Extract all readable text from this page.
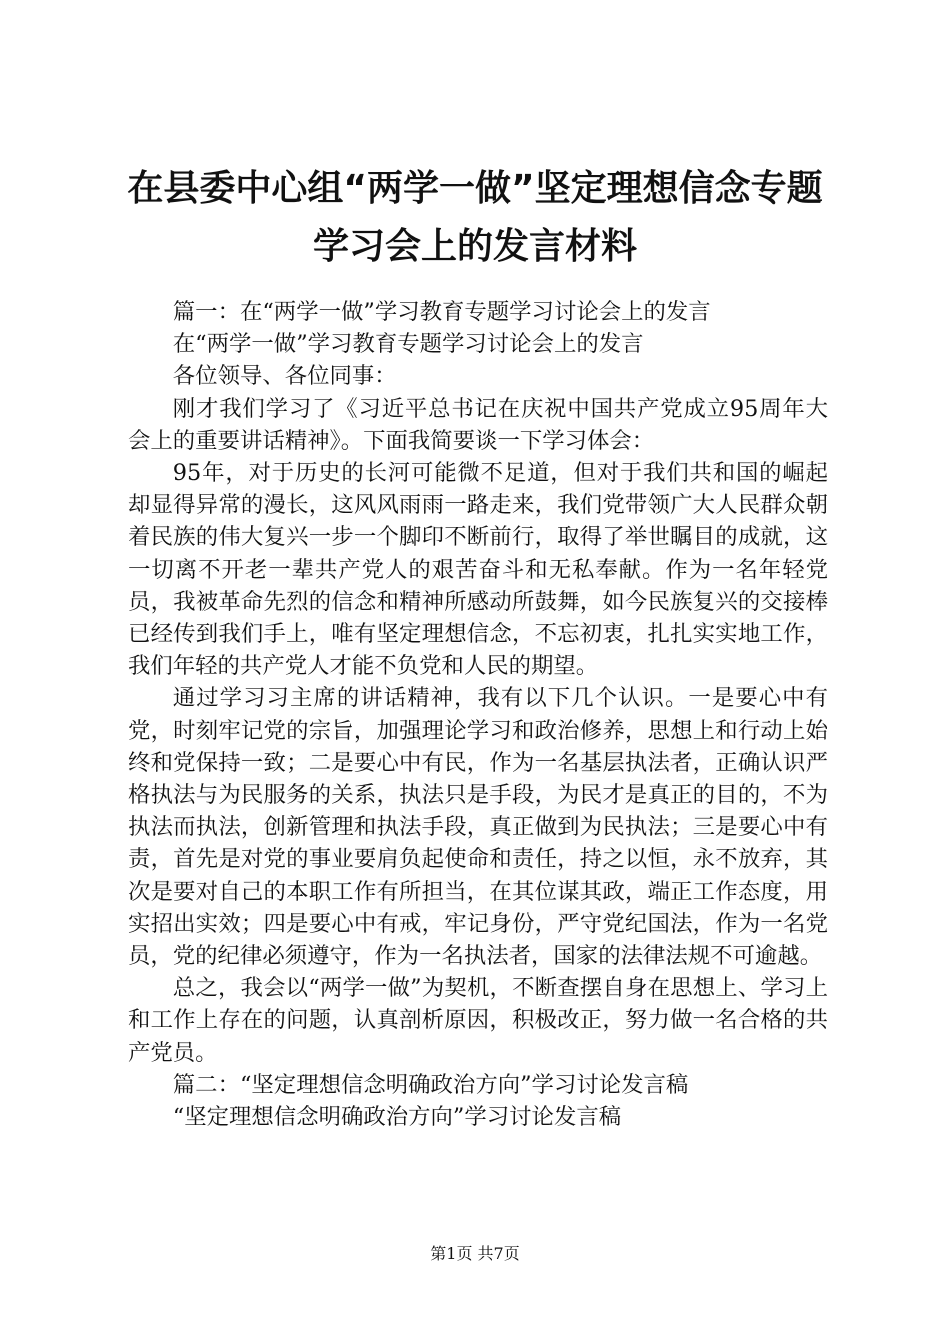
在县委中心组“两学一做”坚定理想信念专题
学习会上的发言材料

篇一：在“两学一做”学习教育专题学习讨论会上的发言

在“两学一做”学习教育专题学习讨论会上的发言

各位领导、各位同事：

刚才我们学习了《习近平总书记在庆祝中国共产党成立95周年大会上的重要讲话精神》。下面我简要谈一下学习体会：

95年，对于历史的长河可能微不足道，但对于我们共和国的崛起却显得异常的漫长，这风风雨雨一路走来，我们党带领广大人民群众朝着民族的伟大复兴一步一个脚印不断前行，取得了举世瞩目的成就，这一切离不开老一辈共产党人的艰苦奋斗和无私奉献。作为一名年轻党员，我被革命先烈的信念和精神所感动所鼓舞，如今民族复兴的交接棒已经传到我们手上，唯有坚定理想信念，不忘初衷，扎扎实实地工作，我们年轻的共产党人才能不负党和人民的期望。

通过学习习主席的讲话精神，我有以下几个认识。一是要心中有党，时刻牢记党的宗旨，加强理论学习和政治修养，思想上和行动上始终和党保持一致；二是要心中有民，作为一名基层执法者，正确认识严格执法与为民服务的关系，执法只是手段，为民才是真正的目的，不为执法而执法，创新管理和执法手段，真正做到为民执法；三是要心中有责，首先是对党的事业要肩负起使命和责任，持之以恒，永不放弃，其次是要对自己的本职工作有所担当，在其位谋其政，端正工作态度，用实招出实效；四是要心中有戒，牢记身份，严守党纪国法，作为一名党员，党的纪律必须遵守，作为一名执法者，国家的法律法规不可逾越。

总之，我会以“两学一做”为契机，不断查摆自身在思想上、学习上和工作上存在的问题，认真剖析原因，积极改正，努力做一名合格的共产党员。

篇二：“坚定理想信念明确政治方向”学习讨论发言稿

“坚定理想信念明确政治方向”学习讨论发言稿

第1页 共7页
